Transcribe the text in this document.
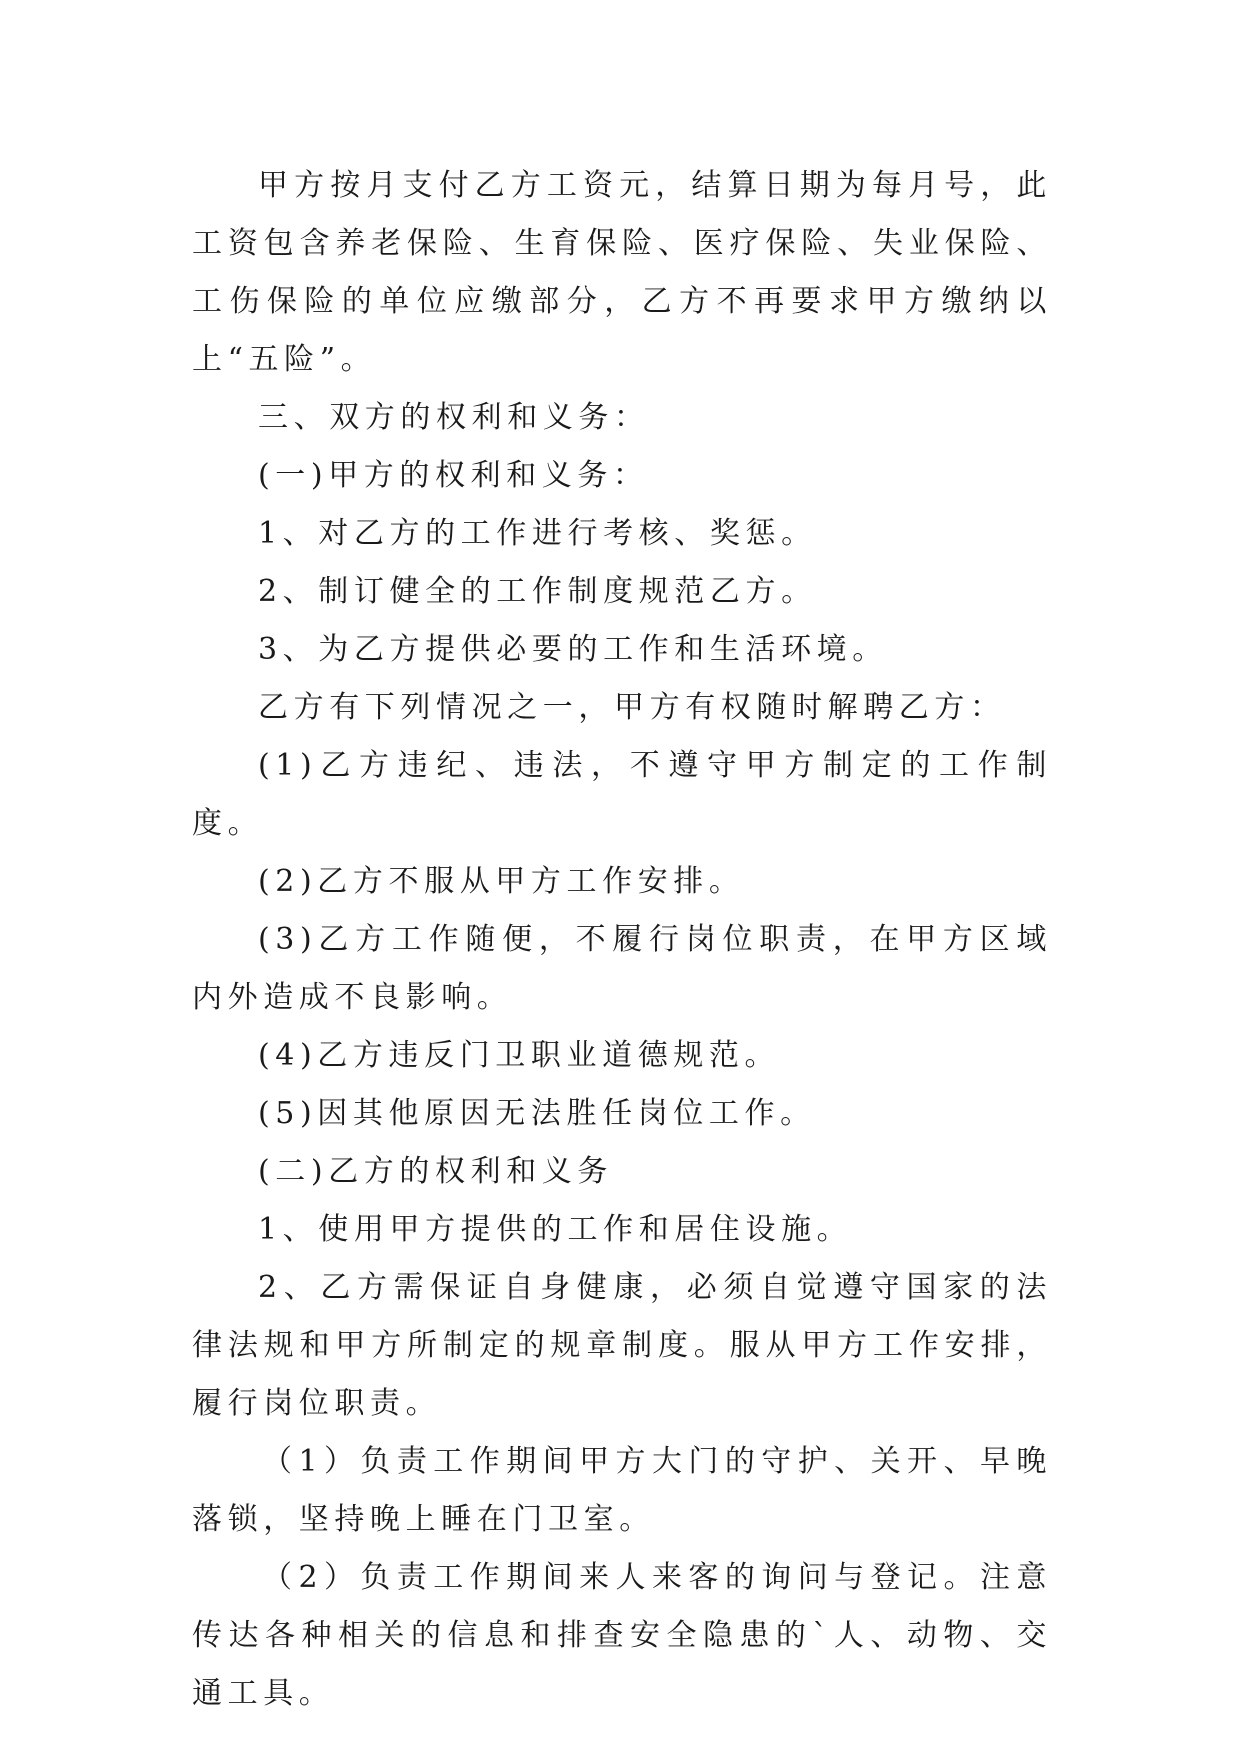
甲方按月支付乙方工资元，结算日期为每月号，此工资包含养老保险、生育保险、医疗保险、失业保险、工伤保险的单位应缴部分，乙方不再要求甲方缴纳以上“五险”。

三、双方的权利和义务：

(一)甲方的权利和义务：

1、对乙方的工作进行考核、奖惩。

2、制订健全的工作制度规范乙方。

3、为乙方提供必要的工作和生活环境。

乙方有下列情况之一，甲方有权随时解聘乙方：

(1)乙方违纪、违法，不遵守甲方制定的工作制度。

(2)乙方不服从甲方工作安排。

(3)乙方工作随便，不履行岗位职责，在甲方区域内外造成不良影响。

(4)乙方违反门卫职业道德规范。

(5)因其他原因无法胜任岗位工作。

(二)乙方的权利和义务

1、使用甲方提供的工作和居住设施。

2、乙方需保证自身健康，必须自觉遵守国家的法律法规和甲方所制定的规章制度。服从甲方工作安排，履行岗位职责。

（1）负责工作期间甲方大门的守护、关开、早晚落锁，坚持晚上睡在门卫室。

（2）负责工作期间来人来客的询问与登记。注意传达各种相关的信息和排查安全隐患的`人、动物、交通工具。
